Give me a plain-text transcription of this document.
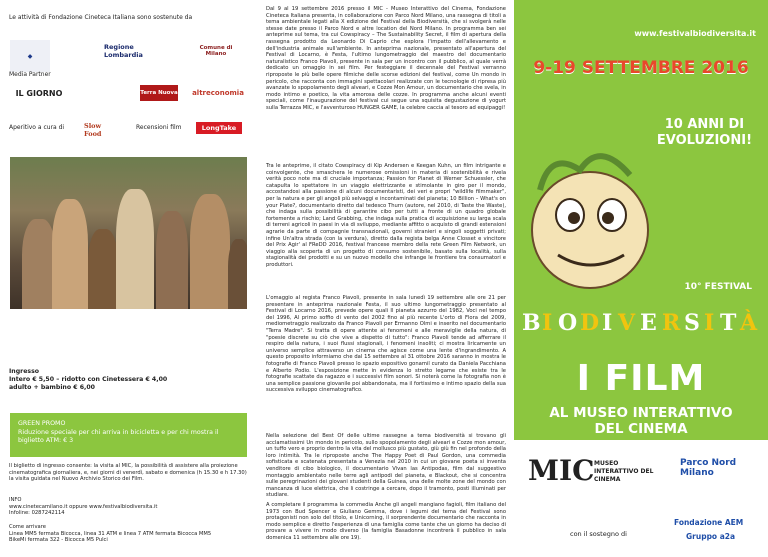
Le attività di Fondazione Cineteca Italiana sono sostenute da
◆
Regione Lombardia
Comune di Milano
Media Partner
IL GIORNO	Terra Nuova altreconomia
Aperitivo a cura di	Slow Food
Recensioni film	LongTake
Ingresso
Intero € 5,50 – ridotto con Cinetessera € 4,00
adulto + bambino € 6,00
GREEN PROMO
Riduzione speciale per chi arriva in bicicletta e per chi mostra il biglietto ATM: € 3
Il biglietto di ingresso consente: la visita al MIC, la possibilità di assistere alla proiezione cinematografica giornaliera, e, nei giorni di venerdì, sabato e domenica (h 15.30 e h 17.30) la visita guidata nel Nuovo Archivio Storico dei Film.
INFO
www.cinetecamilano.it oppure www.festivalbiodiversita.it
Infoline: 0287242114
Come arrivare
Linea MM5 fermata Bicocca, linea 31 ATM e linea 7 ATM fermata Bicocca MM5
BikeMi fermata 322 - Bicocca M5 Pulci
Dal 9 al 19 settembre 2016 presso il MIC - Museo Interattivo del Cinema, Fondazione Cineteca Italiana presenta, in collaborazione con Parco Nord Milano, una rassegna di titoli a tema ambientale legati alla X edizione del Festival della Biodiversità, che si svolgerà nelle stesse date presso il Parco Nord e altre location del Nord Milano. In programma ben sei anteprime sul tema, tra cui Cowspiracy – The Sustainability Secret, il film di apertura della rassegna prodotto da Leonardo Di Caprio che esplora l'impatto dell'allevamento e dell'industria animale sull'ambiente. In anteprima nazionale, presentato all'apertura del Festival di Locarno, è Festa, l'ultimo lungometraggio del maestro del documentario naturalistico Franco Piavoli, presente in sala per un incontro con il pubblico, al quale verrà dedicato un omaggio in sei film. Per festeggiare il decennale del Festival verranno riproposte le più belle opere filmiche delle scorse edizioni del festival, come Un mondo in pericolo, che racconta con immagini spettacolari realizzate con le tecnologie di ripresa più avanzate lo spopolamento degli alveari, e Cozze Mon Amour, un documentario che svela, in modo intimo e poetico, la vita amorosa delle cozze. In programma anche alcuni eventi speciali, come l'inaugurazione del festival cui segue una squisita degustazione di yogurt sulla Terrazza MIC, e l'avventuroso HUNGER GAME, la celebre caccia al tesoro ad equipaggi!
Tra le anteprime, il citato Cowspiracy di Kip Andersen e Keegan Kuhn, un film intrigante e coinvolgente, che smaschera le numerose omissioni in materia di sostenibilità e rivela verità poco note ma di cruciale importanza; Passion for Planet di Werner Schuessler, che catapulta lo spettatore in un viaggio elettrizzante e stimolante in giro per il mondo, accostandosi alla passione di alcuni documentaristi, dei veri e propri "wildlife filmmaker", per la natura e per gli angoli più selvaggi e incontaminati del pianeta; 10 Billion – What's on your Plate?, documentario diretto dal tedesco Thurn (autore, nel 2010, di Taste the Waste), che indaga sulla possibilità di garantire cibo per tutti a fronte di un quadro globale fortemente a rischio; Land Grabbing, che indaga sulla pratica di acquisizione su larga scala di terreni agricoli in paesi in via di sviluppo, mediante affitto o acquisto di grandi estensioni agrarie da parte di compagnie transnazionali, governi stranieri e singoli soggetti privati; infine Un'altra strada (con la verdura), diretto dalla regista belga Anne Closset e vincitore del Prix Agir' al FReDD 2016, festival francese membro della rete Green Film Network, un viaggio alla scoperta di un progetto di consumo sostenibile, basato sulla località, sulla stagionalità dei prodotti e su un nuovo modello che infrange le frontiere tra consumatori e produttori.
L'omaggio al regista Franco Piavoli, presente in sala lunedì 19 settembre alle ore 21 per presentare in anteprima nazionale Festa, il suo ultimo lungometraggio presentato al Festival di Locarno 2016, prevede opere quali Il pianeta azzurro del 1982, Voci nel tempo del 1996, Al primo soffio di vento del 2002 fino al più recente L'orto di Flora del 2009, mediometraggio realizzato da Franco Piavoli per Ermanno Olmi e inserito nel documentario "Terra Madre". Si tratta di opere attente ai fenomeni e alle meraviglie della natura, di "poesie discrete su ciò che vive a dispetto di tutto": Franco Piavoli tende ad afferrare il respiro della natura, i suoi flussi stagionali, i fenomeni insoliti; ci mostra liricamente un universo semplice attraverso un cinema che agisce come una lente d'ingrandimento. A questo proposito informiamo che dal 15 settembre al 31 ottobre 2016 saranno in mostra le fotografie di Franco Piavoli presso lo spazio espositivo gonamil curato da Daniela Pacchiana e Alberto Podio. L'esposizione mette in evidenza lo stretto legame che esiste tra le fotografie scattate da ragazzo e i successivi film sonori. Si noterà come la fotografia non è una semplice passione giovanile poi abbandonata, ma il fortissimo e intimo spazio della sua successiva sviluppo cinematografico.
Nella selezione del Best Of delle ultime rassegne a tema biodiversità si trovano gli acclamatissimi Un mondo in pericolo, sullo spopolamento degli alveari e Cozze mon amour, un tuffo vero e proprio dentro la vita del mollusco più gustato, giù giù fin nel profondo della loro intimità. Tra le riproposte anche The Happy Poet di Paul Gordon, una commedia sofisticata e scatenata presentata a Venezia nel 2010 in cui un giovane poeta si inventa venditore di cibo biologico, il documentario Vivan las Antipodas, film dal suggestivo montaggio ambientato nelle terre agli antipodi del pianeta, e Blackout, che si concentra sulle peregrinazioni dei giovani studenti della Guinea, una delle molte zone del mondo con mancanza di luce elettrica, che li costringe a cercare, dopo il tramonto, posti illuminati per studiare.
A completare il programma la commedia Anche gli angeli mangiano fagioli, film italiano del 1973 con Bud Spencer e Giuliano Gemma, dove i legumi del tema del Festival sono protagonisti non solo del titolo, e Unicorning, il sorprendente documentario che racconta in modo semplice e diretto l'esperienza di una famiglia come tante che un giorno ha deciso di provare a vivere in modo diverso (la famiglia Basadonne incontrerà il pubblico in sala domenica 11 settembre alle ore 19).
www.festivalbiodiversita.it
9-19 SETTEMBRE 2016
10 ANNI DI
EVOLUZIONI!
10° FESTIVAL
B I O D I V E R S I T À
I FILM
AL MUSEO INTERATTIVO
DEL CINEMA
MIC MUSEO INTERATTIVO DEL CINEMA
Parco Nord Milano
con il sostegno di
Fondazione AEM
Gruppo a2a
